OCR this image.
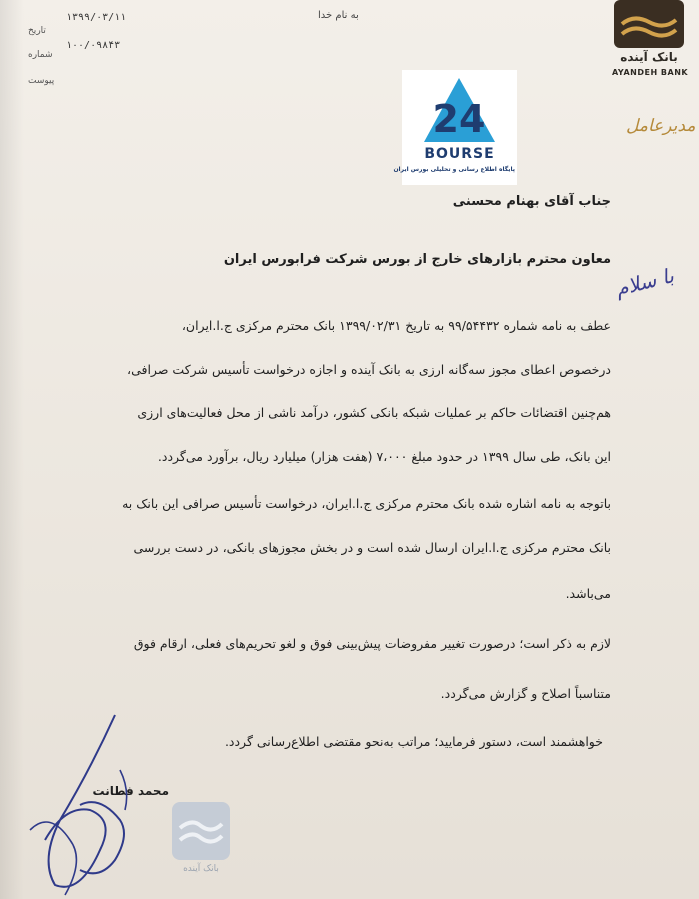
تاریخ
۱۳۹۹/۰۳/۱۱
شماره
۱۰۰/۰۹۸۴۳
پیوست
به نام خدا
بانک آینده
AYANDEH BANK
مدیرعامل
24
BOURSE
پایگاه اطلاع رسانی و تحلیلی بورس ایران
جناب آقای بهنام محسنی
معاون محترم بازارهای خارج از بورس شرکت فرابورس ایران
با سلام
عطف به نامه شماره ۹۹/۵۴۴۳۲ به تاریخ ۱۳۹۹/۰۲/۳۱ بانک محترم مرکزی ج.ا.ایران،
درخصوص اعطای مجوز سه‌گانه ارزی به بانک آینده و اجازه درخواست تأسیس شرکت صرافی،
هم‌چنین اقتضائات حاکم بر عملیات شبکه بانکی کشور، درآمد ناشی از محل فعالیت‌های ارزی
این بانک، طی سال ۱۳۹۹ در حدود مبلغ ۷،۰۰۰ (هفت هزار) میلیارد ریال، برآورد می‌گردد.
باتوجه به نامه اشاره شده بانک محترم مرکزی ج.ا.ایران، درخواست تأسیس صرافی این بانک به
بانک محترم مرکزی ج.ا.ایران ارسال شده است و در بخش مجوزهای بانکی، در دست بررسی
می‌باشد.
لازم به ذکر است؛ درصورت تغییر مفروضات پیش‌بینی فوق و لغو تحریم‌های فعلی، ارقام فوق
متناسباً اصلاح و گزارش می‌گردد.
خواهشمند است، دستور فرمایید؛ مراتب به‌نحو مقتضی اطلاع‌رسانی گردد.
محمد فطانت
بانک آینده
